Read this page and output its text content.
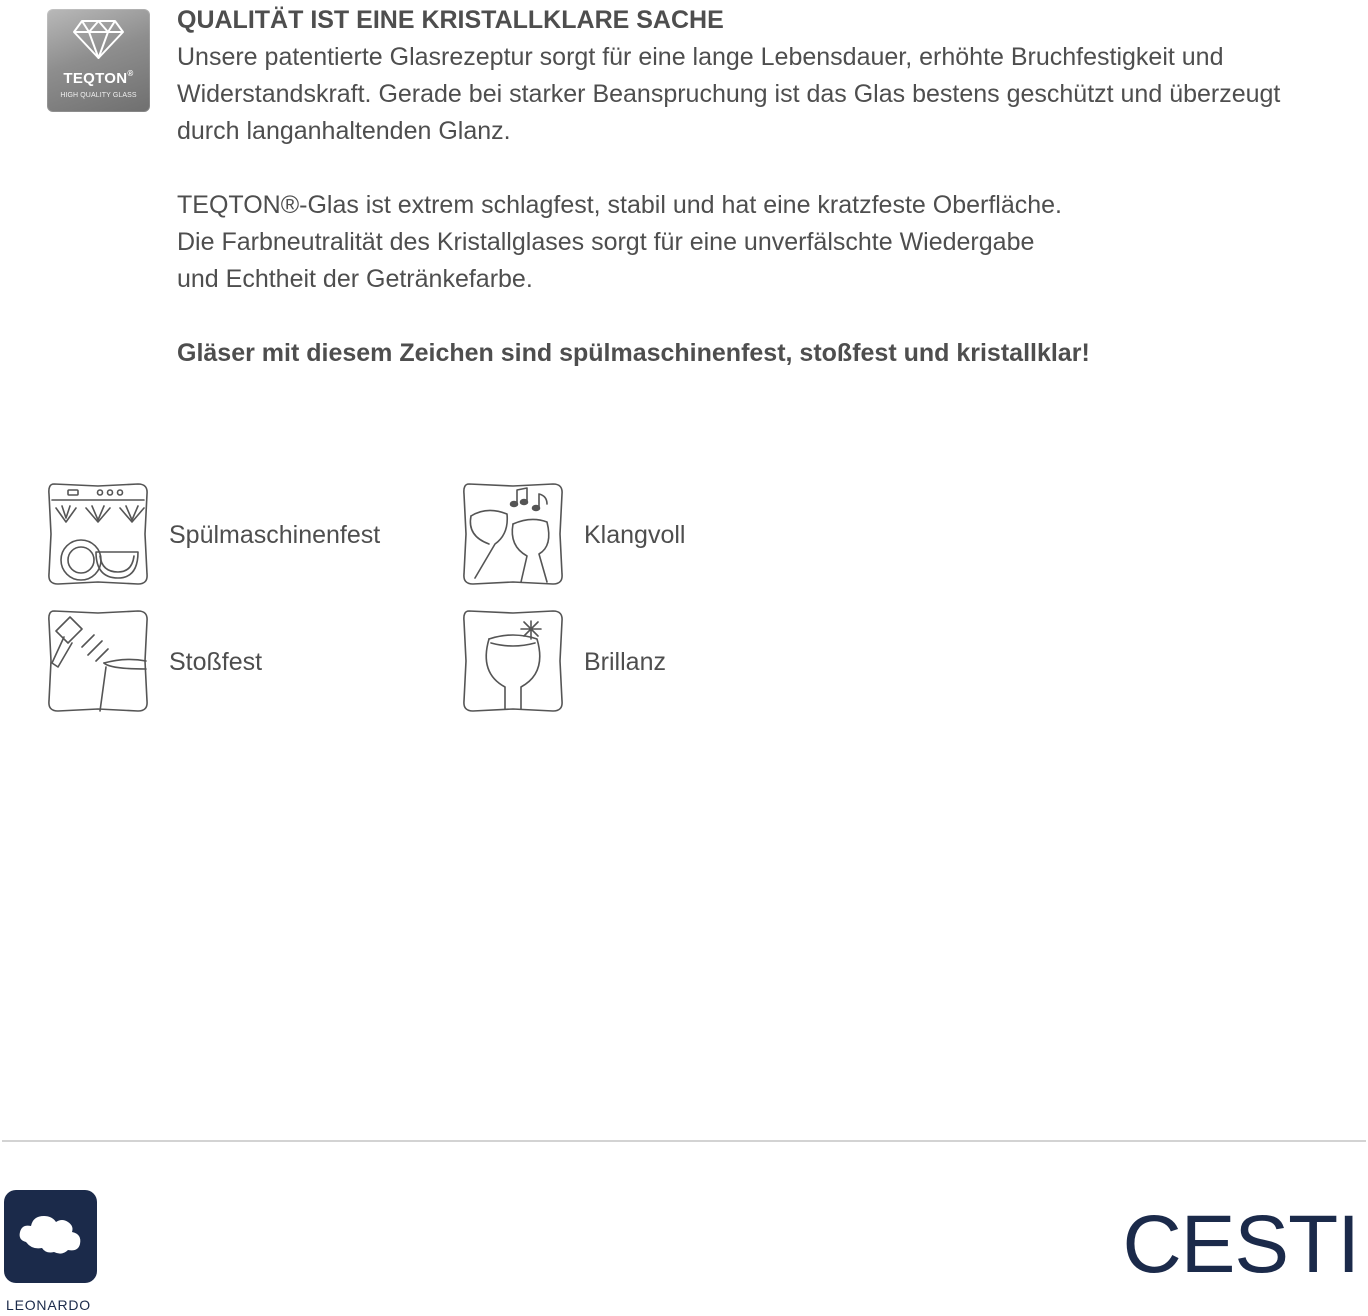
TEQTON®
HIGH QUALITY GLASS

QUALITÄT IST EINE KRISTALLKLARE SACHE

Unsere patentierte Glasrezeptur sorgt für eine lange Lebensdauer, erhöhte Bruchfestigkeit und Widerstandskraft. Gerade bei starker Beanspruchung ist das Glas bestens geschützt und überzeugt durch langanhaltenden Glanz.

TEQTON®-Glas ist extrem schlagfest, stabil und hat eine kratzfeste Oberfläche.

Die Farbneutralität des Kristallglases sorgt für eine unverfälschte Wiedergabe

und Echtheit der Getränkefarbe.

Gläser mit diesem Zeichen sind spülmaschinenfest, stoßfest und kristallklar!

Spülmaschinenfest	Klangvoll
Stoßfest	Brillanz
LEONARDO
CESTI
